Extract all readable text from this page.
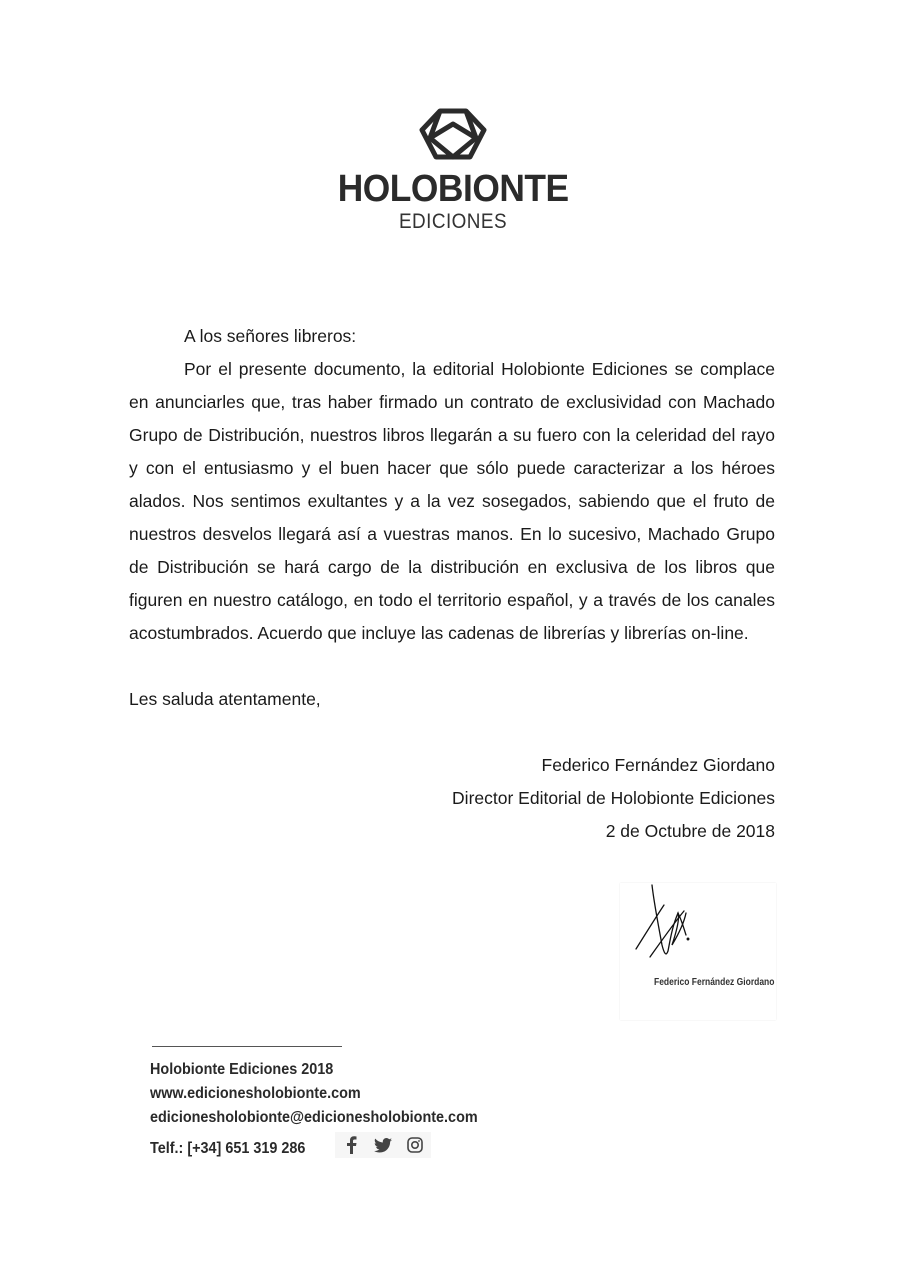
HOLOBIONTE
EDICIONES
A los señores libreros:

Por el presente documento, la editorial Holobionte Ediciones se complace en anunciarles que, tras haber firmado un contrato de exclusividad con Machado Grupo de Distribución, nuestros libros llegarán a su fuero con la celeridad del rayo y con el entusiasmo y el buen hacer que sólo puede caracterizar a los héroes alados. Nos sentimos exultantes y a la vez sosegados, sabiendo que el fruto de nuestros desvelos llegará así a vuestras manos. En lo sucesivo, Machado Grupo de Distribución se hará cargo de la distribución en exclusiva de los libros que figuren en nuestro catálogo, en todo el territorio español, y a través de los canales acostumbrados. Acuerdo que incluye las cadenas de librerías y librerías on-line.

Les saluda atentamente,
Federico Fernández Giordano
Director Editorial de Holobionte Ediciones
2 de Octubre de 2018
Federico Fernández Giordano
Holobionte Ediciones 2018
www.edicionesholobionte.com
edicionesholobionte@edicionesholobionte.com
Telf.: [+34] 651 319 286
